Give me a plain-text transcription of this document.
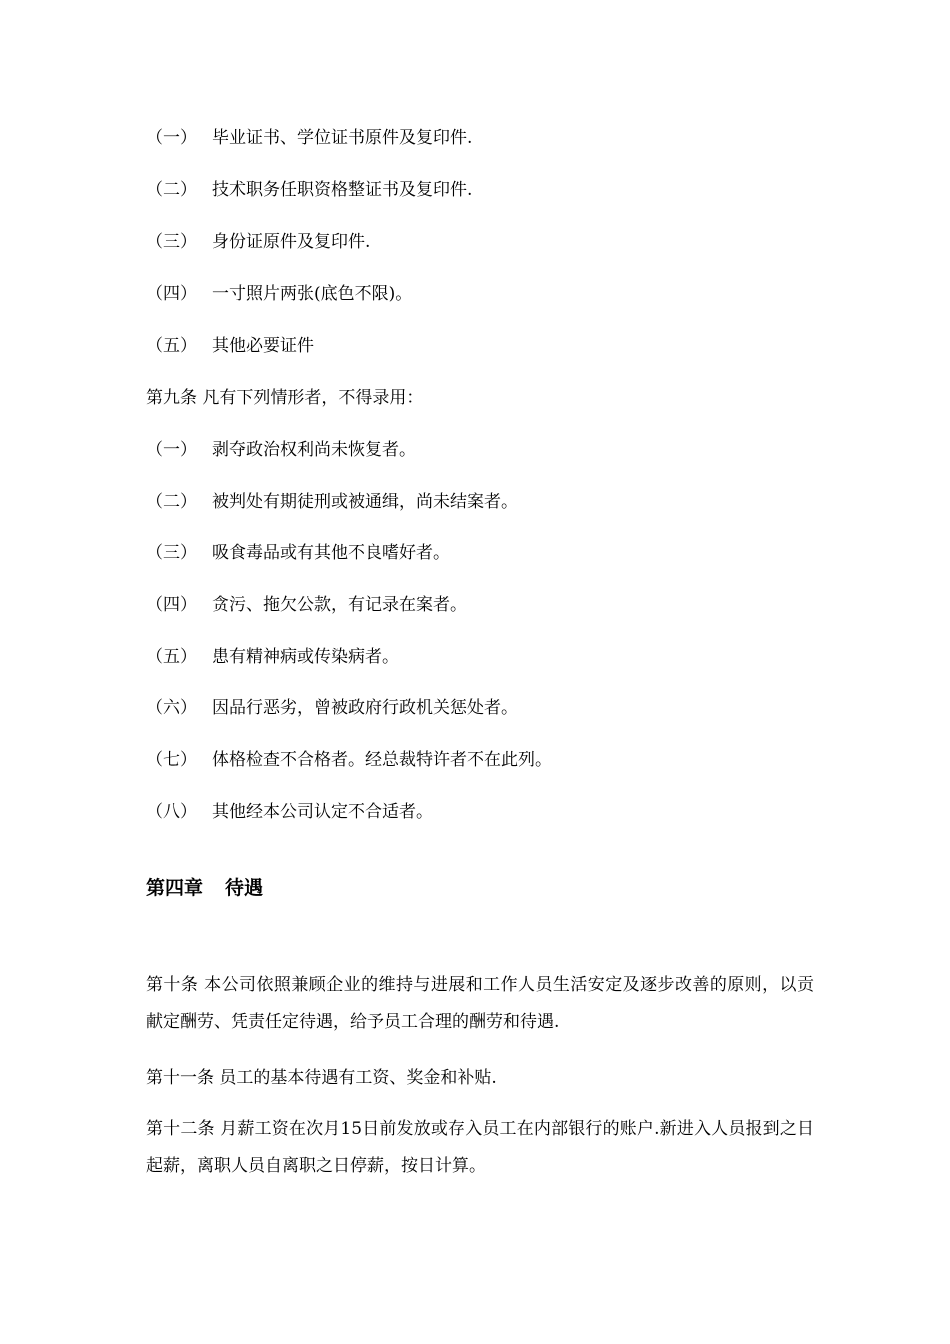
（一） 毕业证书、学位证书原件及复印件.
（二） 技术职务任职资格整证书及复印件.
（三） 身份证原件及复印件.
（四） 一寸照片两张(底色不限)。
（五） 其他必要证件
第九条 凡有下列情形者，不得录用：
（一） 剥夺政治权利尚未恢复者。
（二） 被判处有期徒刑或被通缉，尚未结案者。
（三） 吸食毒品或有其他不良嗜好者。
（四） 贪污、拖欠公款，有记录在案者。
（五） 患有精神病或传染病者。
（六） 因品行恶劣，曾被政府行政机关惩处者。
（七） 体格检查不合格者。经总裁特许者不在此列。
（八） 其他经本公司认定不合适者。
第四章 待遇
第十条 本公司依照兼顾企业的维持与进展和工作人员生活安定及逐步改善的原则，以贡献定酬劳、凭责任定待遇，给予员工合理的酬劳和待遇.
第十一条 员工的基本待遇有工资、奖金和补贴.
第十二条 月薪工资在次月15日前发放或存入员工在内部银行的账户.新进入人员报到之日起薪，离职人员自离职之日停薪，按日计算。
